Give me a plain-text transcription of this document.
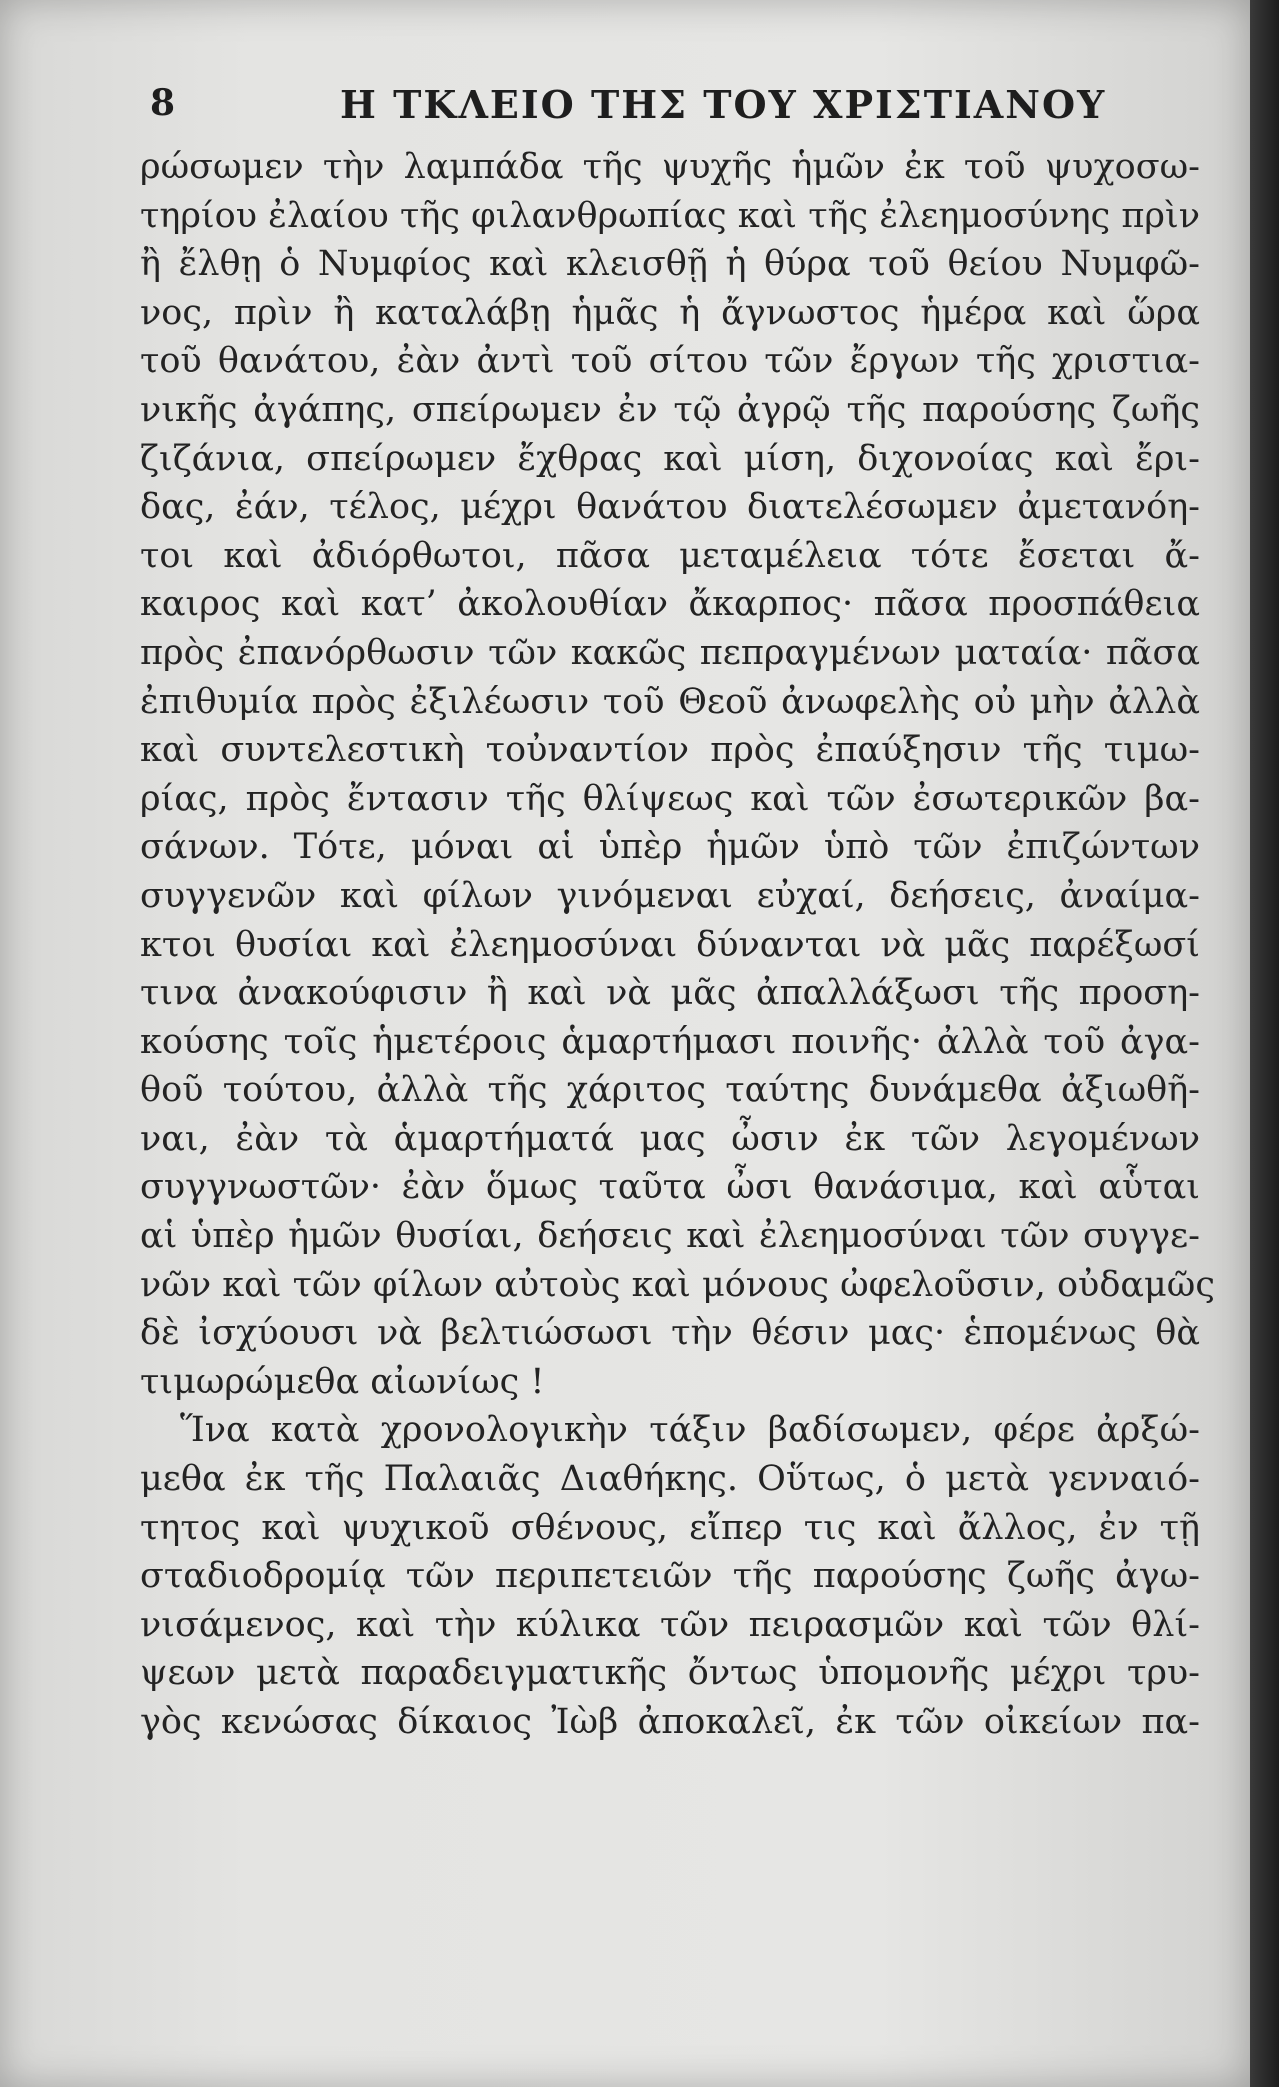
8	Η ΤΚΛΕΙΟ ΤΗΣ ΤΟΥ ΧΡΙΣΤΙΑΝΟΥ
ρώσωμεν τὴν λαμπάδα τῆς ψυχῆς ἡμῶν ἐκ τοῦ ψυχοσω-
τηρίου ἐλαίου τῆς φιλανθρωπίας καὶ τῆς ἐλεημοσύνης πρὶν
ἢ ἔλθῃ ὁ Νυμφίος καὶ κλεισθῇ ἡ θύρα τοῦ θείου Νυμφῶ-
νος, πρὶν ἢ καταλάβῃ ἡμᾶς ἡ ἄγνωστος ἡμέρα καὶ ὥρα
τοῦ θανάτου, ἐὰν ἀντὶ τοῦ σίτου τῶν ἔργων τῆς χριστια-
νικῆς ἀγάπης, σπείρωμεν ἐν τῷ ἀγρῷ τῆς παρούσης ζωῆς
ζιζάνια, σπείρωμεν ἔχθρας καὶ μίση, διχονοίας καὶ ἔρι-
δας, ἐάν, τέλος, μέχρι θανάτου διατελέσωμεν ἀμετανόη-
τοι καὶ ἀδιόρθωτοι, πᾶσα μεταμέλεια τότε ἔσεται ἄ-
καιρος καὶ κατ’ ἀκολουθίαν ἄκαρπος· πᾶσα προσπάθεια
πρὸς ἐπανόρθωσιν τῶν κακῶς πεπραγμένων ματαία· πᾶσα
ἐπιθυμία πρὸς ἐξιλέωσιν τοῦ Θεοῦ ἀνωφελὴς οὐ μὴν ἀλλὰ
καὶ συντελεστικὴ τοὐναντίον πρὸς ἐπαύξησιν τῆς τιμω-
ρίας, πρὸς ἔντασιν τῆς θλίψεως καὶ τῶν ἐσωτερικῶν βα-
σάνων. Τότε, μόναι αἱ ὑπὲρ ἡμῶν ὑπὸ τῶν ἐπιζώντων
συγγενῶν καὶ φίλων γινόμεναι εὐχαί, δεήσεις, ἀναίμα-
κτοι θυσίαι καὶ ἐλεημοσύναι δύνανται νὰ μᾶς παρέξωσί
τινα ἀνακούφισιν ἢ καὶ νὰ μᾶς ἀπαλλάξωσι τῆς προση-
κούσης τοῖς ἡμετέροις ἁμαρτήμασι ποινῆς· ἀλλὰ τοῦ ἀγα-
θοῦ τούτου, ἀλλὰ τῆς χάριτος ταύτης δυνάμεθα ἀξιωθῆ-
ναι, ἐὰν τὰ ἁμαρτήματά μας ὦσιν ἐκ τῶν λεγομένων
συγγνωστῶν· ἐὰν ὅμως ταῦτα ὦσι θανάσιμα, καὶ αὗται
αἱ ὑπὲρ ἡμῶν θυσίαι, δεήσεις καὶ ἐλεημοσύναι τῶν συγγε-
νῶν καὶ τῶν φίλων αὐτοὺς καὶ μόνους ὠφελοῦσιν, οὐδαμῶς
δὲ ἰσχύουσι νὰ βελτιώσωσι τὴν θέσιν μας· ἑπομένως θὰ
τιμωρώμεθα αἰωνίως !
Ἵνα κατὰ χρονολογικὴν τάξιν βαδίσωμεν, φέρε ἀρξώ-
μεθα ἐκ τῆς Παλαιᾶς Διαθήκης. Οὕτως, ὁ μετὰ γενναιό-
τητος καὶ ψυχικοῦ σθένους, εἴπερ τις καὶ ἄλλος, ἐν τῇ
σταδιοδρομίᾳ τῶν περιπετειῶν τῆς παρούσης ζωῆς ἀγω-
νισάμενος, καὶ τὴν κύλικα τῶν πειρασμῶν καὶ τῶν θλί-
ψεων μετὰ παραδειγματικῆς ὄντως ὑπομονῆς μέχρι τρυ-
γὸς κενώσας δίκαιος Ἰὼβ ἀποκαλεῖ, ἐκ τῶν οἰκείων πα-
